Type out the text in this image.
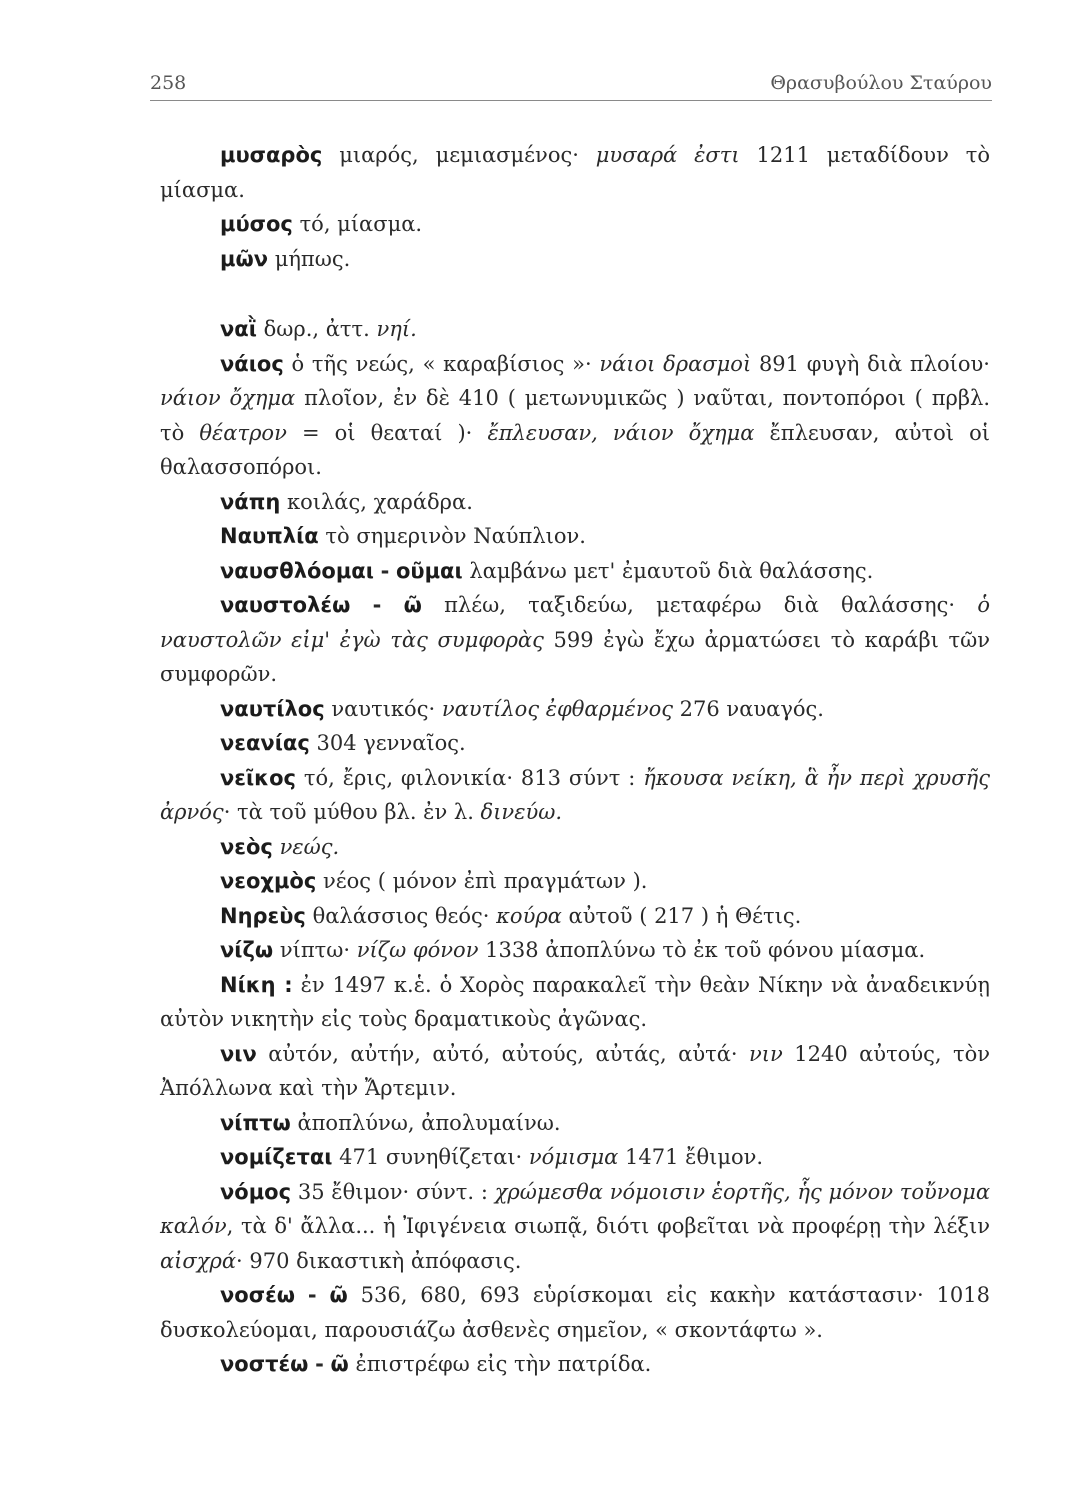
258	Θρασυβούλου Σταύρου
μυσαρὸς μιαρός, μεμιασμένος· μυσαρά ἐστι 1211 μεταδίδουν τὸ μίασμα.
μύσος τό, μίασμα.
μῶν μήπως.
ναῒ δωρ., ἀττ. νηί.
νάιος ὁ τῆς νεώς, « καραβίσιος »· νάιοι δρασμοὶ 891 φυγὴ διὰ πλοίου· νάιον ὄχημα πλοῖον, ἐν δὲ 410 ( μετωνυμικῶς ) ναῦται, ποντοπόροι ( πρβλ. τὸ θέατρον = οἱ θεαταί )· ἔπλευσαν, νάιον ὄχημα ἔπλευσαν, αὐτοὶ οἱ θαλασσοπόροι.
νάπη κοιλάς, χαράδρα.
Ναυπλία τὸ σημερινὸν Ναύπλιον.
ναυσθλόομαι - οῦμαι λαμβάνω μετ' ἐμαυτοῦ διὰ θαλάσσης.
ναυστολέω - ῶ πλέω, ταξιδεύω, μεταφέρω διὰ θαλάσσης· ὁ ναυστολῶν εἰμ' ἐγὼ τὰς συμφορὰς 599 ἐγὼ ἔχω ἀρματώσει τὸ καράβι τῶν συμφορῶν.
ναυτίλος ναυτικός· ναυτίλος ἐφθαρμένος 276 ναυαγός.
νεανίας 304 γενναῖος.
νεῖκος τό, ἔρις, φιλονικία· 813 σύντ : ἤκουσα νείκη, ἃ ἦν περὶ χρυσῆς ἀρνός· τὰ τοῦ μύθου βλ. ἐν λ. δινεύω.
νεὸς νεώς.
νεοχμὸς νέος ( μόνον ἐπὶ πραγμάτων ).
Νηρεὺς θαλάσσιος θεός· κούρα αὐτοῦ ( 217 ) ἡ Θέτις.
νίζω νίπτω· νίζω φόνον 1338 ἀποπλύνω τὸ ἐκ τοῦ φόνου μίασμα.
Νίκη : ἐν 1497 κ.ἑ. ὁ Χορὸς παρακαλεῖ τὴν θεὰν Νίκην νὰ ἀναδεικνύῃ αὐτὸν νικητὴν εἰς τοὺς δραματικοὺς ἀγῶνας.
νιν αὐτόν, αὐτήν, αὐτό, αὐτούς, αὐτάς, αὐτά· νιν 1240 αὐτούς, τὸν Ἀπόλλωνα καὶ τὴν Ἄρτεμιν.
νίπτω ἀποπλύνω, ἀπολυμαίνω.
νομίζεται 471 συνηθίζεται· νόμισμα 1471 ἔθιμον.
νόμος 35 ἔθιμον· σύντ. : χρώμεσθα νόμοισιν ἑορτῆς, ἧς μόνον τοὔνομα καλόν, τὰ δ' ἄλλα... ἡ Ἰφιγένεια σιωπᾷ, διότι φοβεῖται νὰ προφέρῃ τὴν λέξιν αἰσχρά· 970 δικαστικὴ ἀπόφασις.
νοσέω - ῶ 536, 680, 693 εὑρίσκομαι εἰς κακὴν κατάστασιν· 1018 δυσκολεύομαι, παρουσιάζω ἀσθενὲς σημεῖον, « σκοντάφτω ».
νοστέω - ῶ ἐπιστρέφω εἰς τὴν πατρίδα.
